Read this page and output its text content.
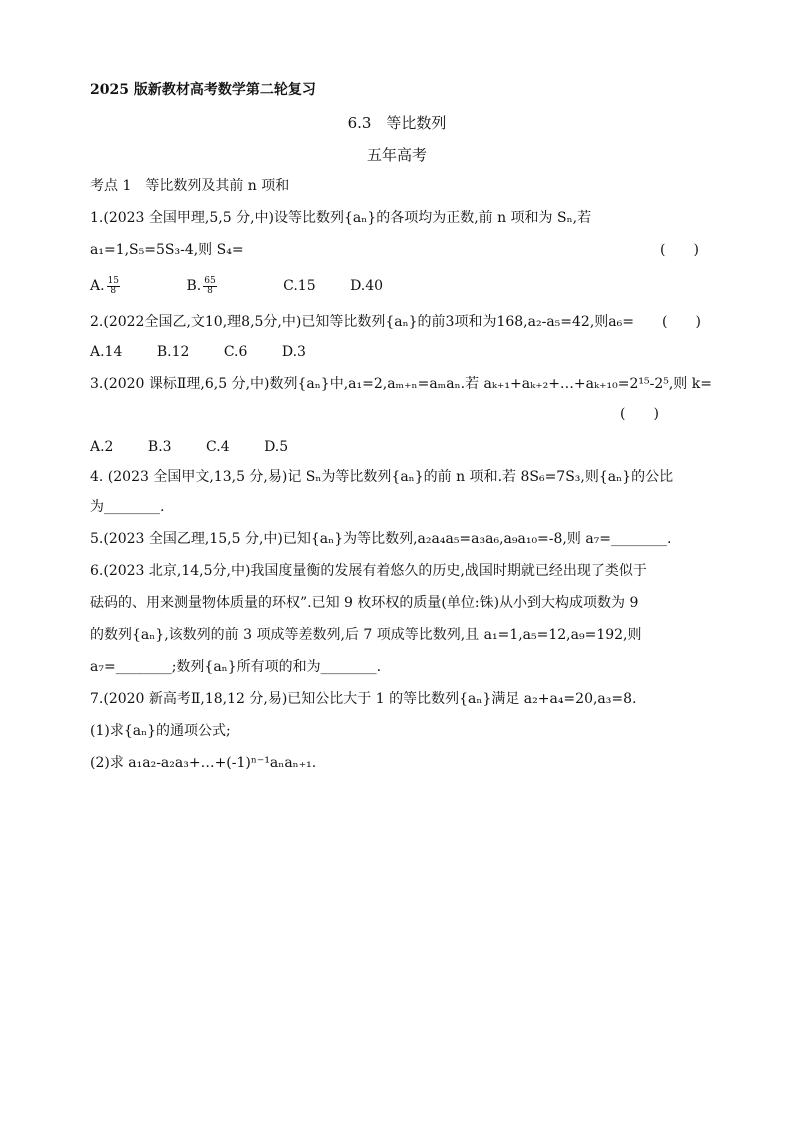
2025 版新教材高考数学第二轮复习
6.3　等比数列
五年高考
考点 1　等比数列及其前 n 项和
1.(2023 全国甲理,5,5 分,中)设等比数列{aₙ}的各项均为正数,前 n 项和为 Sₙ,若
a₁=1,S₅=5S₃-4,则 S₄=	(　　)
A. $\frac{15}{8}$	B. $\frac{65}{8}$	C.15 D.40
2.(2022全国乙,文10,理8,5分,中)已知等比数列{aₙ}的前3项和为168,a₂-a₅=42,则a₆=	(　　)
A.14 B.12 C.6 D.3
3.(2020 课标Ⅱ理,6,5 分,中)数列{aₙ}中,a₁=2,aₘ₊ₙ=aₘaₙ.若 aₖ₊₁+aₖ₊₂+…+aₖ₊₁₀=2¹⁵-2⁵,则 k=
(　　)
A.2 B.3 C.4 D.5
4. (2023 全国甲文,13,5 分,易)记 Sₙ为等比数列{aₙ}的前 n 项和.若 8S₆=7S₃,则{aₙ}的公比
为________.
5.(2023 全国乙理,15,5 分,中)已知{aₙ}为等比数列,a₂a₄a₅=a₃a₆,a₉a₁₀=-8,则 a₇=________.
6.(2023 北京,14,5分,中)我国度量衡的发展有着悠久的历史,战国时期就已经出现了类似于
砝码的、用来测量物体质量的环权”.已知 9 枚环权的质量(单位:铢)从小到大构成项数为 9
的数列{aₙ},该数列的前 3 项成等差数列,后 7 项成等比数列,且 a₁=1,a₅=12,a₉=192,则
a₇=________;数列{aₙ}所有项的和为________.
7.(2020 新高考Ⅱ,18,12 分,易)已知公比大于 1 的等比数列{aₙ}满足 a₂+a₄=20,a₃=8.
(1)求{aₙ}的通项公式;
(2)求 a₁a₂-a₂a₃+…+(-1)ⁿ⁻¹aₙaₙ₊₁.
